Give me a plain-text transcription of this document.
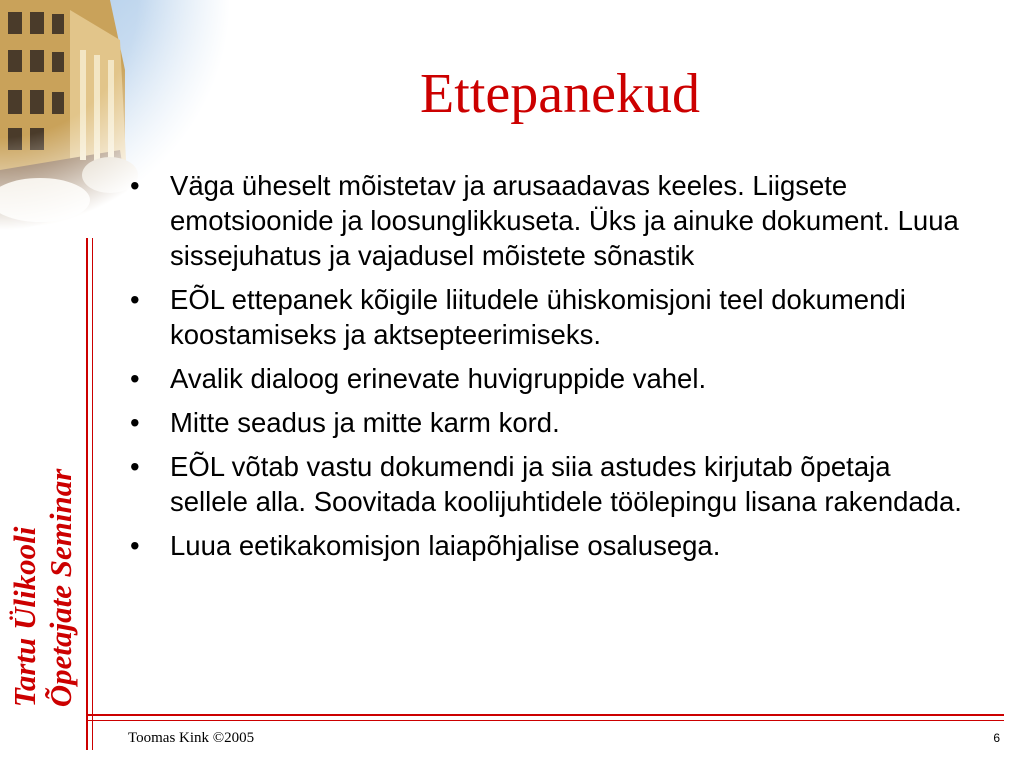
Ettepanekud
•	Väga üheselt mõistetav ja arusaadavas keeles. Liigsete emotsioonide ja loosunglikkuseta. Üks ja ainuke dokument. Luua sissejuhatus ja vajadusel mõistete sõnastik
•	EÕL ettepanek kõigile liitudele ühiskomisjoni teel dokumendi koostamiseks ja aktsepteerimiseks.
•	Avalik dialoog erinevate huvigruppide vahel.
•	Mitte seadus ja mitte karm kord.
•	EÕL võtab vastu dokumendi ja siia astudes kirjutab õpetaja sellele alla. Soovitada koolijuhtidele töölepingu lisana rakendada.
•	Luua eetikakomisjon laiapõhjalise osalusega.
Tartu Ülikooli Õpetajate Seminar
Toomas Kink ©2005	6
